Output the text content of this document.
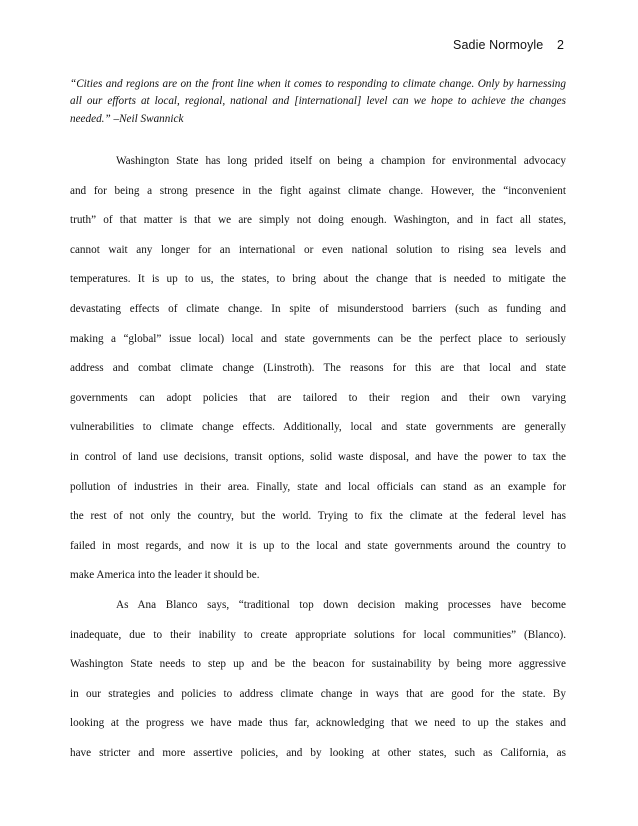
Sadie Normoyle 2
“Cities and regions are on the front line when it comes to responding to climate change. Only by harnessing all our efforts at local, regional, national and [international] level can we hope to achieve the changes needed.” –Neil Swannick
Washington State has long prided itself on being a champion for environmental advocacy
and for being a strong presence in the fight against climate change. However, the “inconvenient
truth” of that matter is that we are simply not doing enough. Washington, and in fact all states,
cannot wait any longer for an international or even national solution to rising sea levels and
temperatures. It is up to us, the states, to bring about the change that is needed to mitigate the
devastating effects of climate change. In spite of misunderstood barriers (such as funding and
making a “global” issue local) local and state governments can be the perfect place to seriously
address and combat climate change (Linstroth). The reasons for this are that local and state
governments can adopt policies that are tailored to their region and their own varying
vulnerabilities to climate change effects. Additionally, local and state governments are generally
in control of land use decisions, transit options, solid waste disposal, and have the power to tax the
pollution of industries in their area. Finally, state and local officials can stand as an example for
the rest of not only the country, but the world. Trying to fix the climate at the federal level has
failed in most regards, and now it is up to the local and state governments around the country to
make America into the leader it should be.
As Ana Blanco says, “traditional top down decision making processes have become
inadequate, due to their inability to create appropriate solutions for local communities” (Blanco).
Washington State needs to step up and be the beacon for sustainability by being more aggressive
in our strategies and policies to address climate change in ways that are good for the state. By
looking at the progress we have made thus far, acknowledging that we need to up the stakes and
have stricter and more assertive policies, and by looking at other states, such as California, as
